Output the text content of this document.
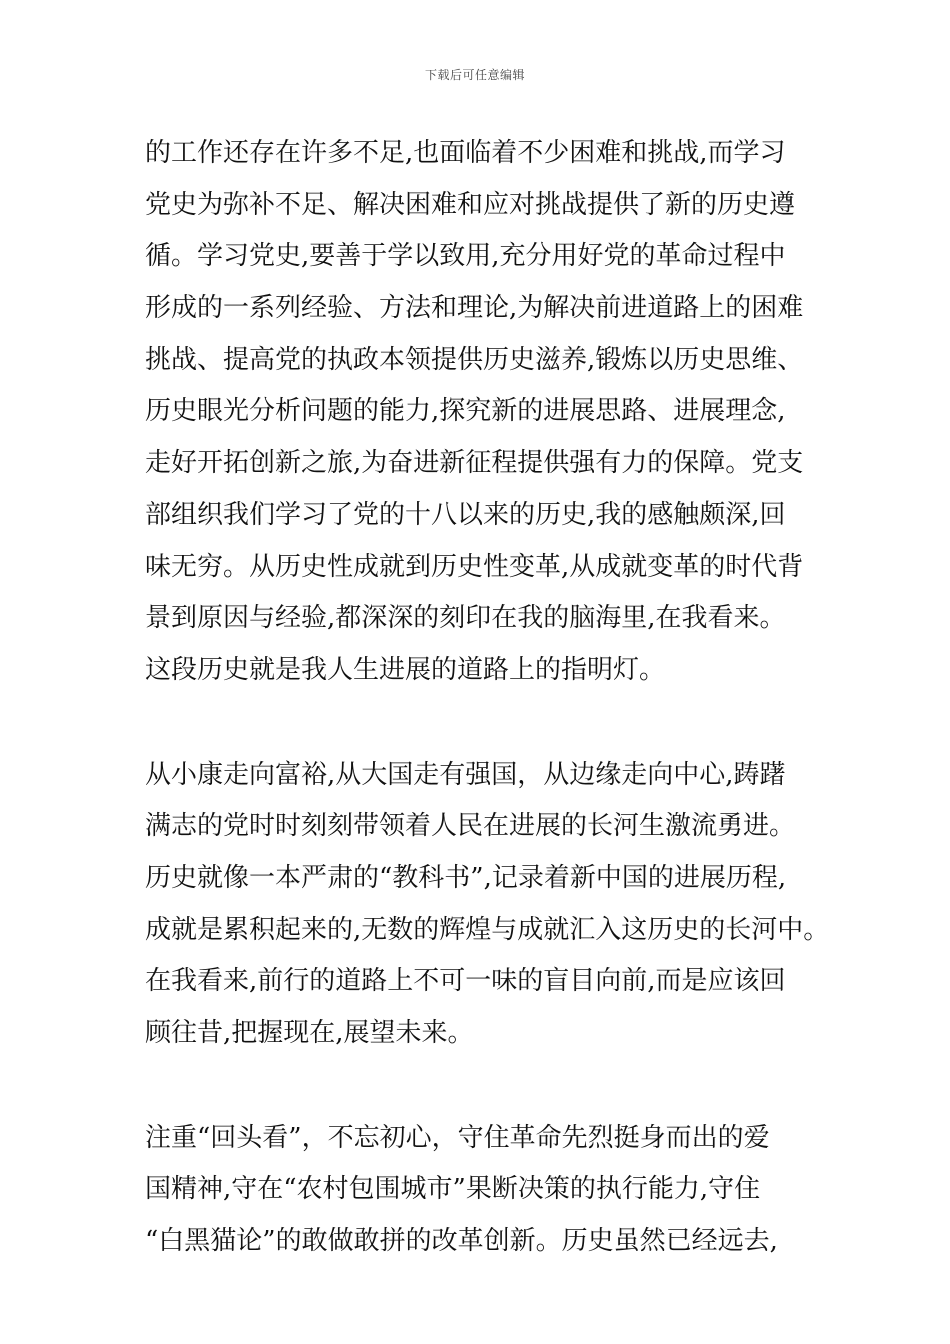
下载后可任意编辑
的工作还存在许多不足,也面临着不少困难和挑战,而学习
党史为弥补不足、解决困难和应对挑战提供了新的历史遵
循。学习党史,要善于学以致用,充分用好党的革命过程中
形成的一系列经验、方法和理论,为解决前进道路上的困难
挑战、提高党的执政本领提供历史滋养,锻炼以历史思维、
历史眼光分析问题的能力,探究新的进展思路、进展理念,
走好开拓创新之旅,为奋进新征程提供强有力的保障。党支
部组织我们学习了党的十八以来的历史,我的感触颇深,回
味无穷。从历史性成就到历史性变革,从成就变革的时代背
景到原因与经验,都深深的刻印在我的脑海里,在我看来。
这段历史就是我人生进展的道路上的指明灯。
从小康走向富裕,从大国走有强国，从边缘走向中心,踌躇
满志的党时时刻刻带领着人民在进展的长河生激流勇进。
历史就像一本严肃的“教科书”,记录着新中国的进展历程,
成就是累积起来的,无数的辉煌与成就汇入这历史的长河中。
在我看来,前行的道路上不可一味的盲目向前,而是应该回
顾往昔,把握现在,展望未来。
注重“回头看”，不忘初心，守住革命先烈挺身而出的爱
国精神,守在“农村包围城市”果断决策的执行能力,守住
“白黑猫论”的敢做敢拼的改革创新。历史虽然已经远去,
